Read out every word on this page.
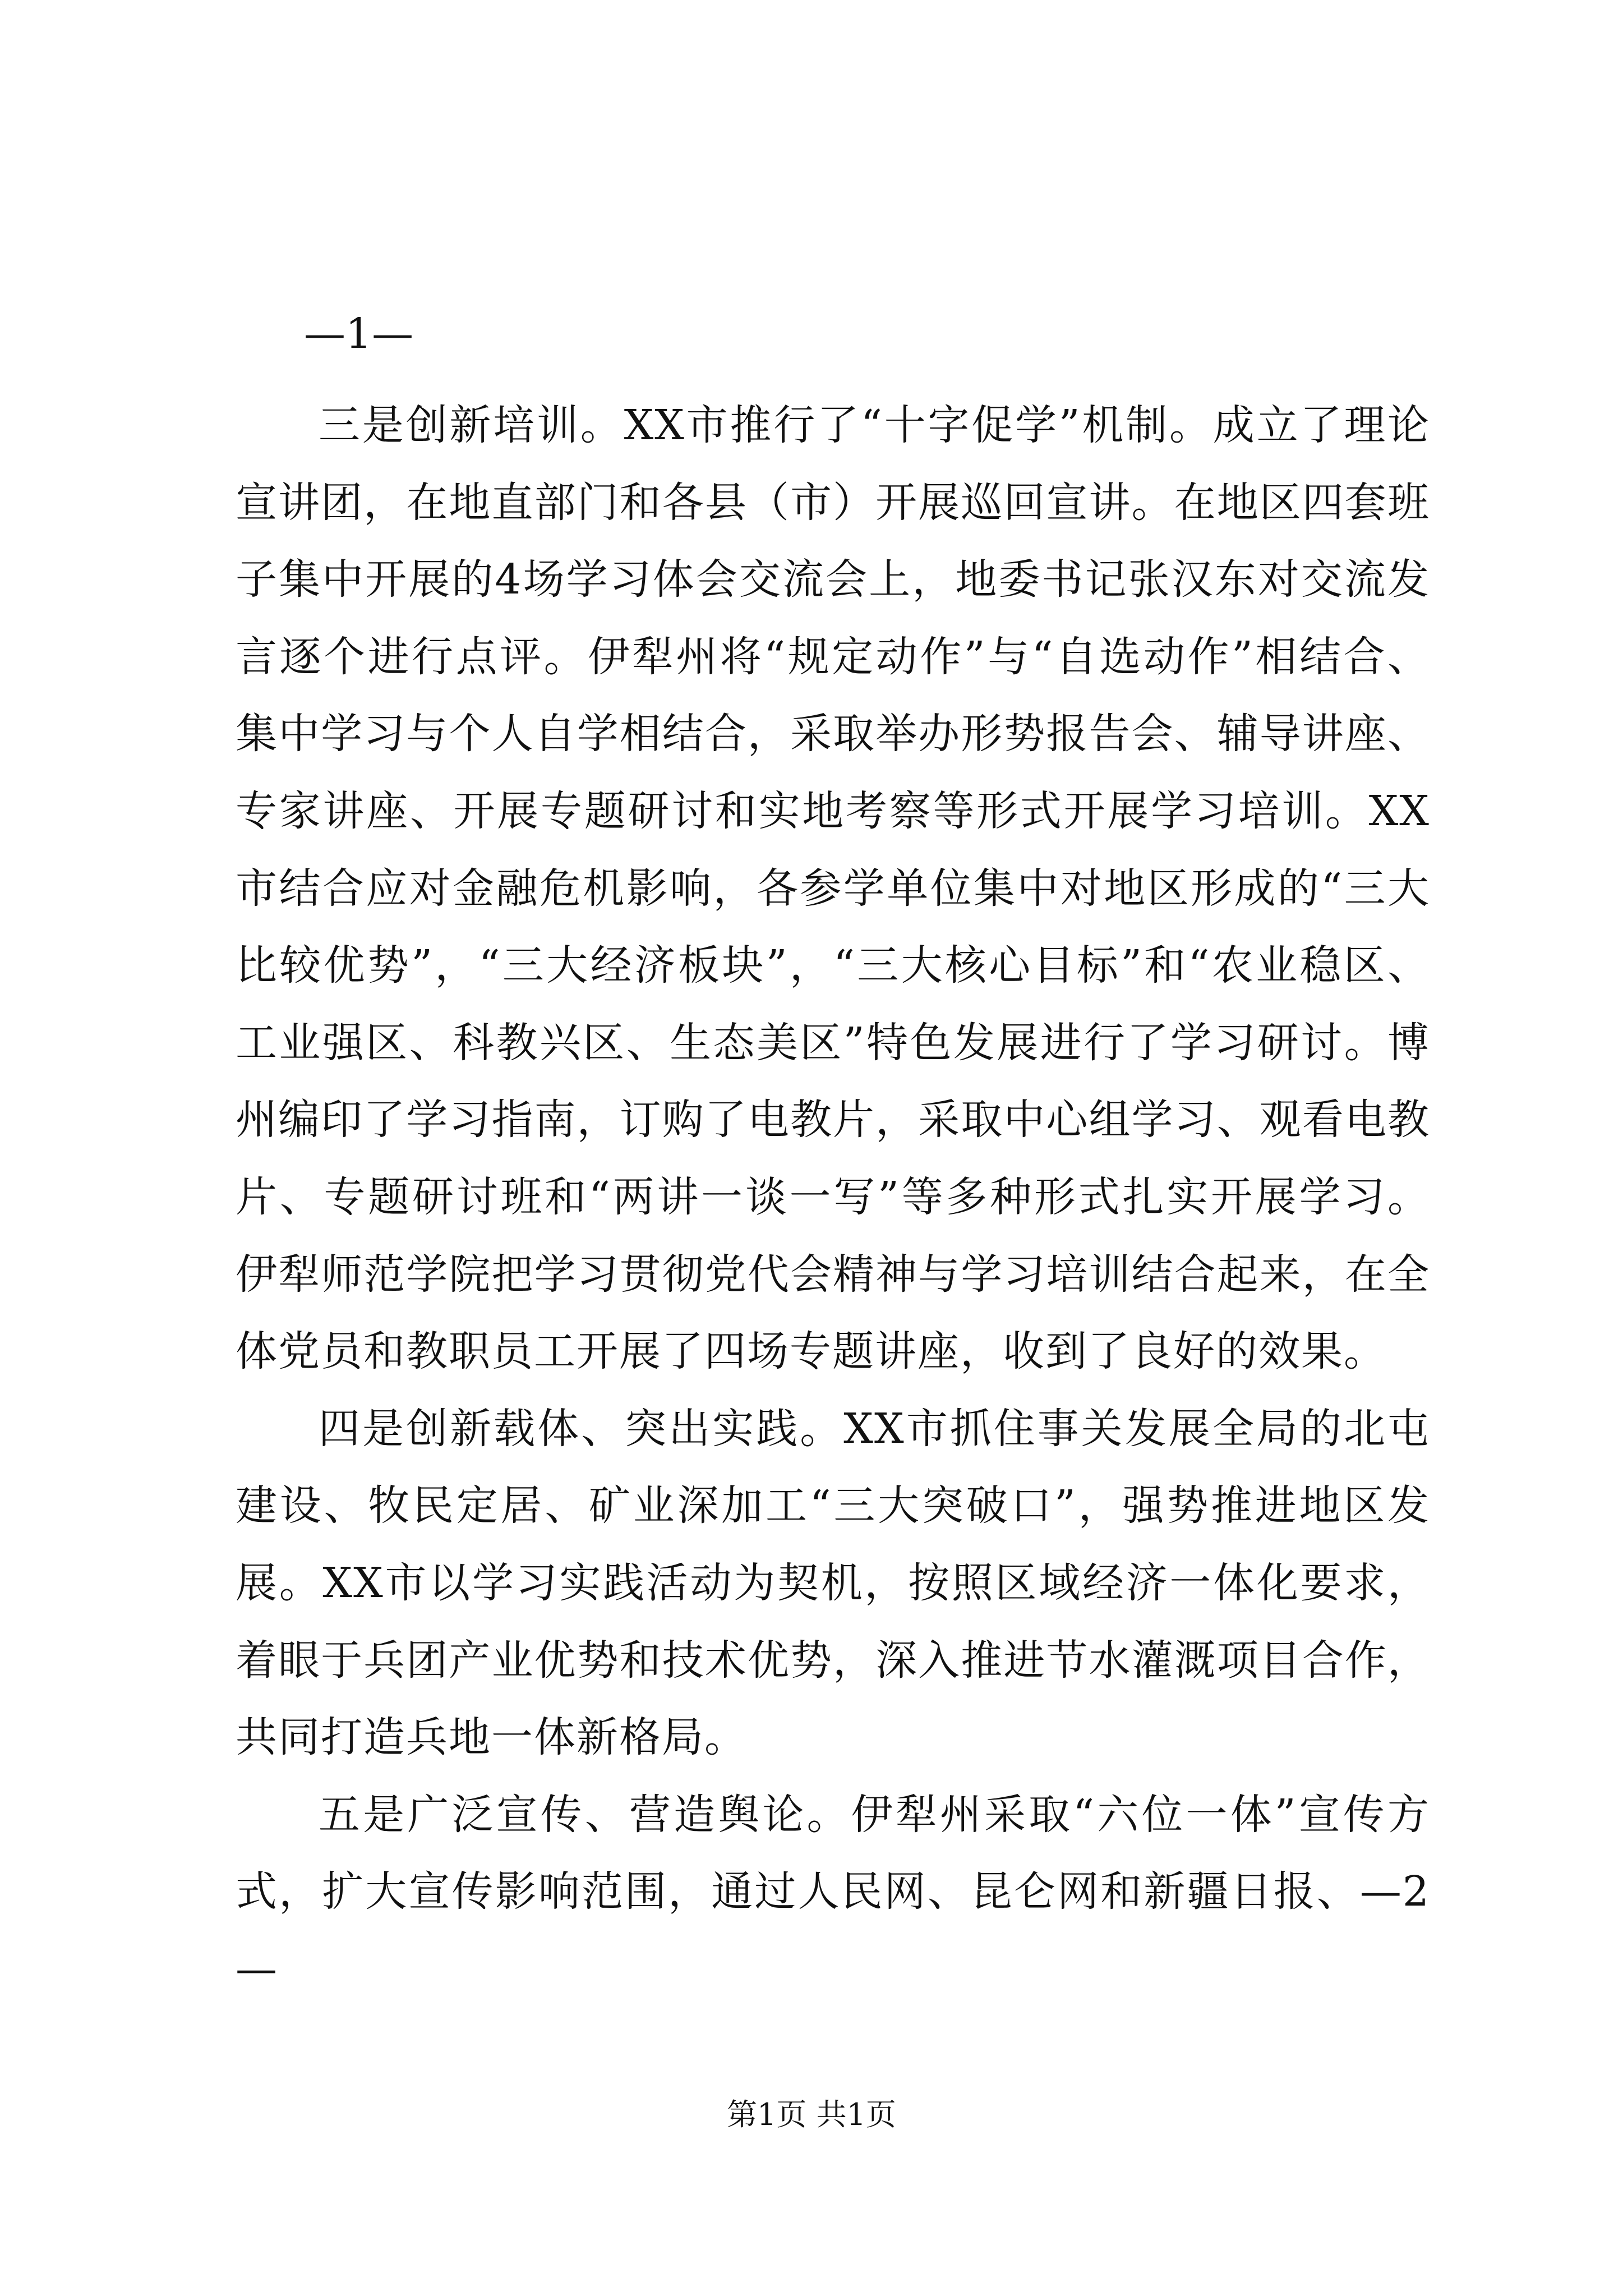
—1—

三是创新培训。XX市推行了“十字促学”机制。成立了理论宣讲团，在地直部门和各县（市）开展巡回宣讲。在地区四套班子集中开展的4场学习体会交流会上，地委书记张汉东对交流发言逐个进行点评。伊犁州将“规定动作”与“自选动作”相结合、集中学习与个人自学相结合，采取举办形势报告会、辅导讲座、专家讲座、开展专题研讨和实地考察等形式开展学习培训。XX市结合应对金融危机影响，各参学单位集中对地区形成的“三大比较优势”，“三大经济板块”，“三大核心目标”和“农业稳区、工业强区、科教兴区、生态美区”特色发展进行了学习研讨。博州编印了学习指南，订购了电教片，采取中心组学习、观看电教片、专题研讨班和“两讲一谈一写”等多种形式扎实开展学习。伊犁师范学院把学习贯彻党代会精神与学习培训结合起来，在全体党员和教职员工开展了四场专题讲座，收到了良好的效果。

四是创新载体、突出实践。XX市抓住事关发展全局的北屯建设、牧民定居、矿业深加工“三大突破口”，强势推进地区发展。XX市以学习实践活动为契机，按照区域经济一体化要求，着眼于兵团产业优势和技术优势，深入推进节水灌溉项目合作，共同打造兵地一体新格局。

五是广泛宣传、营造舆论。伊犁州采取“六位一体”宣传方式，扩大宣传影响范围，通过人民网、昆仑网和新疆日报、—2—

第1页 共1页
